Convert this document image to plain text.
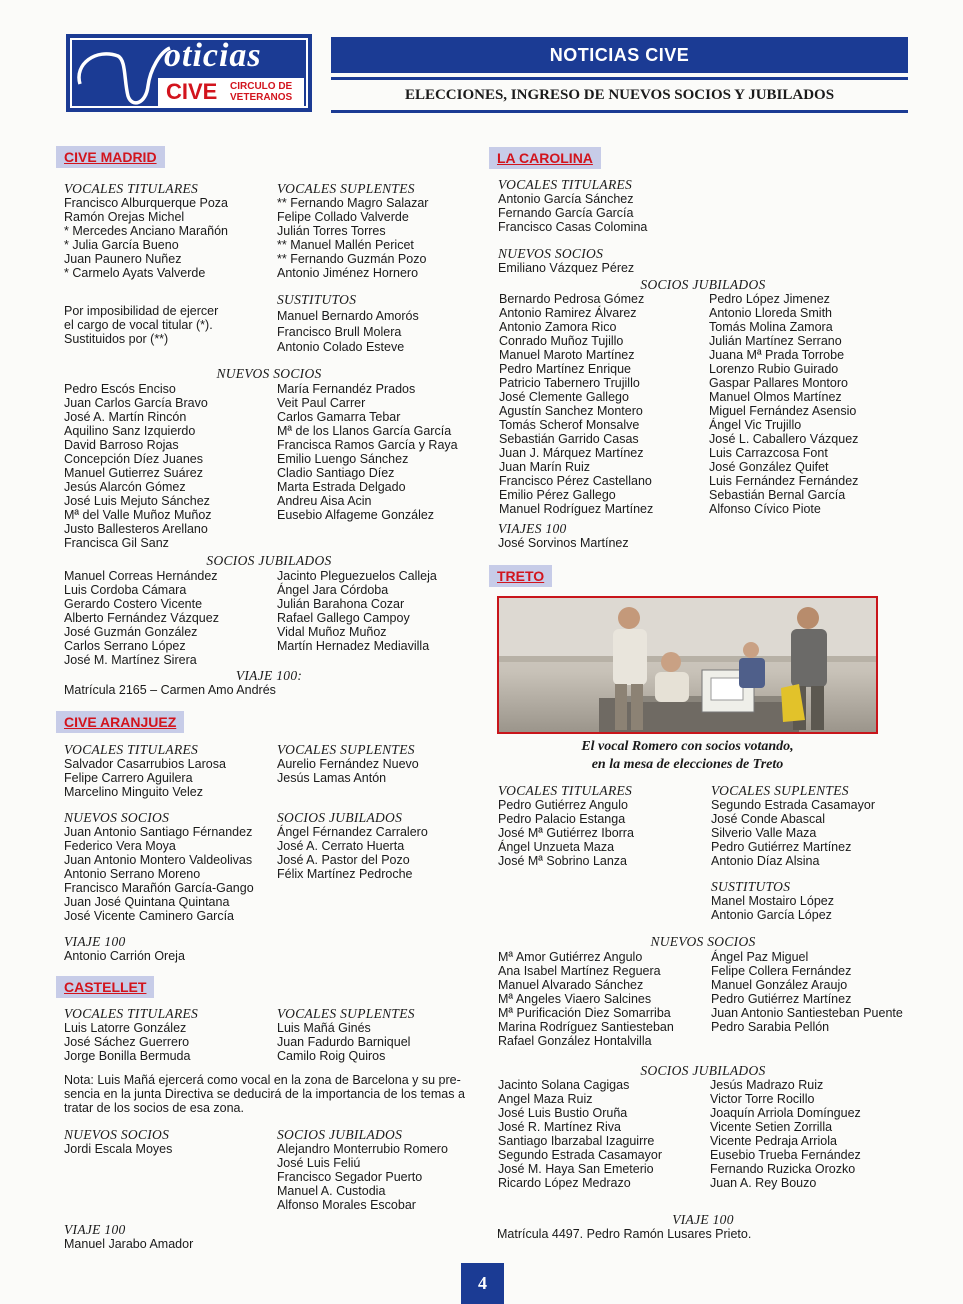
oticias
CIVE CIRCULO DE
VETERANOS
NOTICIAS CIVE
ELECCIONES, INGRESO DE NUEVOS SOCIOS Y JUBILADOS
CIVE MADRID

VOCALES TITULARES

Francisco Alburquerque Poza
Ramón Orejas Michel
* Mercedes Anciano Marañón
* Julia García Bueno
Juan Paunero Nuñez
* Carmelo Ayats Valverde

VOCALES SUPLENTES

** Fernando Magro Salazar
Felipe Collado Valverde
Julián Torres Torres
** Manuel Mallén Pericet
** Fernando Guzmán Pozo
Antonio Jiménez Hornero

Por imposibilidad de ejercer

el cargo de vocal titular (*).

Sustituidos por (**)

SUSTITUTOS

Manuel Bernardo Amorós
Francisco Brull Molera
Antonio Colado Esteve

NUEVOS SOCIOS

Pedro Escós Enciso
Juan Carlos García Bravo
José A. Martín Rincón
Aquilino Sanz Izquierdo
David Barroso Rojas
Concepción Díez Juanes
Manuel Gutierrez Suárez
Jesús Alarcón Gómez
José Luis Mejuto Sánchez
Mª del Valle Muñoz Muñoz
Justo Ballesteros Arellano
Francisca Gil Sanz
María Fernandéz Prados
Veit Paul Carrer
Carlos Gamarra Tebar
Mª de los Llanos García García
Francisca Ramos García y Raya
Emilio Luengo Sánchez
Cladio Santiago Díez
Marta Estrada Delgado
Andreu Aisa Acin
Eusebio Alfageme González

SOCIOS JUBILADOS

Manuel Correas Hernández
Luis Cordoba Cámara
Gerardo Costero Vicente
Alberto Fernández Vázquez
José Guzmán González
Carlos Serrano López
José M. Martínez Sirera
Jacinto Pleguezuelos Calleja
Ángel Jara Córdoba
Julián Barahona Cozar
Rafael Gallego Campoy
Vidal Muñoz Muñoz
Martín Hernadez Mediavilla

VIAJE 100:

Matrícula 2165 – Carmen Amo Andrés

CIVE ARANJUEZ

VOCALES TITULARES

Salvador Casarrubios Larosa
Felipe Carrero Aguilera
Marcelino Minguito Velez

VOCALES SUPLENTES

Aurelio Fernández Nuevo
Jesús Lamas Antón

NUEVOS SOCIOS

Juan Antonio Santiago Férnandez
Federico Vera Moya
Juan Antonio Montero Valdeolivas
Antonio Serrano Moreno
Francisco Marañón García-Gango
Juan José Quintana Quintana
José Vicente Caminero García

SOCIOS JUBILADOS

Ángel Férnandez Carralero
José A. Cerrato Huerta
José A. Pastor del Pozo
Félix Martínez Pedroche

VIAJE 100

Antonio Carrión Oreja

CASTELLET

VOCALES TITULARES

Luis Latorre González
José Sáchez Guerrero
Jorge Bonilla Bermuda

VOCALES SUPLENTES

Luis Mañá Ginés
Juan Fadurdo Barniquel
Camilo Roig Quiros

Nota: Luis Mañá ejercerá como vocal en la zona de Barcelona y su pre-

sencia en la junta Directiva se deducirá de la importancia de los temas a

tratar de los socios de esa zona.

NUEVOS SOCIOS

Jordi Escala Moyes

SOCIOS JUBILADOS

Alejandro Monterrubio Romero
José Luis Feliú
Francisco Segador Puerto
Manuel A. Custodia
Alfonso Morales Escobar

VIAJE 100

Manuel Jarabo Amador

LA CAROLINA

VOCALES TITULARES

Antonio García Sánchez
Fernando García García
Francisco Casas Colomina

NUEVOS SOCIOS

Emiliano Vázquez Pérez

SOCIOS JUBILADOS

Bernardo Pedrosa Gómez
Antonio Ramirez Álvarez
Antonio Zamora Rico
Conrado Muñoz Tujillo
Manuel Maroto Martínez
Pedro Martínez Enrique
Patricio Tabernero Trujillo
José Clemente Gallego
Agustín Sanchez Montero
Tomás Scherof Monsalve
Sebastián Garrido Casas
Juan J. Márquez Martínez
Juan Marín Ruiz
Francisco Pérez Castellano
Emilio Pérez Gallego
Manuel Rodríguez Martínez
Pedro López Jimenez
Antonio Lloreda Smith
Tomás Molina Zamora
Julián Martínez Serrano
Juana Mª Prada Torrobe
Lorenzo Rubio Guirado
Gaspar Pallares Montoro
Manuel Olmos Martínez
Miguel Fernández Asensio
Ángel Vic Trujillo
José L. Caballero Vázquez
Luis Carrazcosa Font
José González Quifet
Luis Fernández Fernández
Sebastián Bernal García
Alfonso Cívico Piote

VIAJES 100

José Sorvinos Martínez

TRETO
El vocal Romero con socios votando,
en la mesa de elecciones de Treto

VOCALES TITULARES

Pedro Gutiérrez Angulo
Pedro Palacio Estanga
José Mª Gutiérrez Iborra
Ángel Unzueta Maza
José Mª Sobrino Lanza

VOCALES SUPLENTES

Segundo Estrada Casamayor
José Conde Abascal
Silverio Valle Maza
Pedro Gutiérrez Martínez
Antonio Díaz Alsina

SUSTITUTOS

Manel Mostairo López
Antonio García López

NUEVOS SOCIOS

Mª Amor Gutiérrez Angulo
Ana Isabel Martínez Reguera
Manuel Alvarado Sánchez
Mª Angeles Viaero Salcines
Mª Purificación Diez Somarriba
Marina Rodríguez Santiesteban
Rafael González Hontalvilla
Ángel Paz Miguel
Felipe Collera Fernández
Manuel González Araujo
Pedro Gutiérrez Martínez
Juan Antonio Santiesteban Puente
Pedro Sarabia Pellón

SOCIOS JUBILADOS

Jacinto Solana Cagigas
Angel Maza Ruiz
José Luis Bustio Oruña
José R. Martínez Riva
Santiago Ibarzabal Izaguirre
Segundo Estrada Casamayor
José M. Haya San Emeterio
Ricardo López Medrazo
Jesús Madrazo Ruiz
Victor Torre Rocillo
Joaquín Arriola Domínguez
Vicente Setien Zorrilla
Vicente Pedraja Arriola
Eusebio Trueba Fernández
Fernando Ruzicka Orozko
Juan A. Rey Bouzo

VIAJE 100

Matrícula 4497. Pedro Ramón Lusares Prieto.

4
